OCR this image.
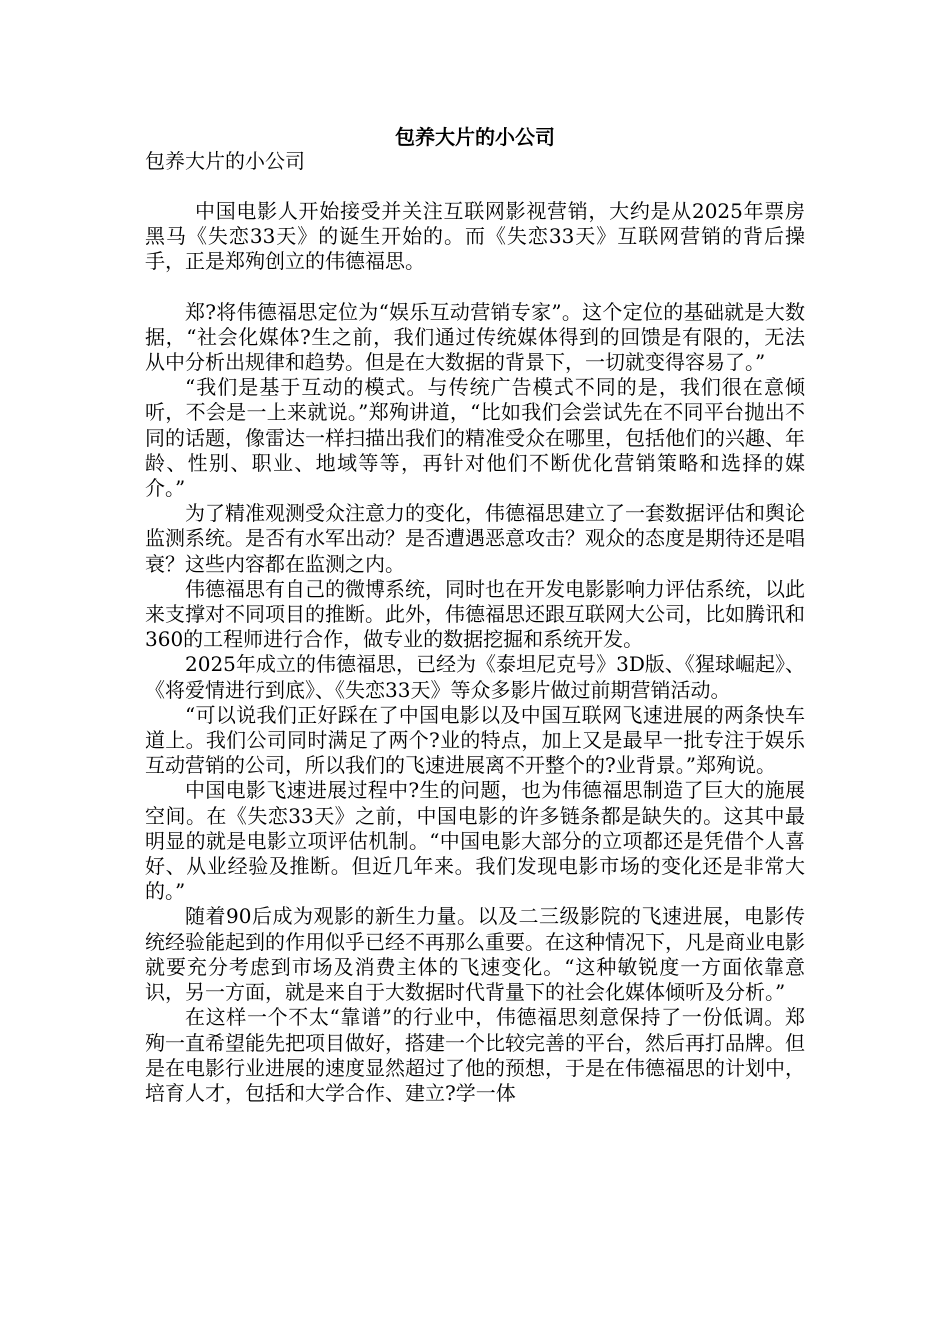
包养大片的小公司
包养大片的小公司

中国电影人开始接受并关注互联网影视营销，大约是从2025年票房黑马《失恋33天》的诞生开始的。而《失恋33天》互联网营销的背后操手，正是郑殉创立的伟德福思。

郑?将伟德福思定位为“娱乐互动营销专家”。这个定位的基础就是大数据，“社会化媒体?生之前，我们通过传统媒体得到的回馈是有限的，无法从中分析出规律和趋势。但是在大数据的背景下，一切就变得容易了。”

“我们是基于互动的模式。与传统广告模式不同的是，我们很在意倾听，不会是一上来就说。”郑殉讲道，“比如我们会尝试先在不同平台抛出不同的话题，像雷达一样扫描出我们的精准受众在哪里，包括他们的兴趣、年龄、性别、职业、地域等等，再针对他们不断优化营销策略和选择的媒介。”

为了精准观测受众注意力的变化，伟德福思建立了一套数据评估和舆论监测系统。是否有水军出动？是否遭遇恶意攻击？观众的态度是期待还是唱衰？这些内容都在监测之内。

伟德福思有自己的微博系统，同时也在开发电影影响力评估系统，以此来支撑对不同项目的推断。此外，伟德福思还跟互联网大公司，比如腾讯和360的工程师进行合作，做专业的数据挖掘和系统开发。

2025年成立的伟德福思，已经为《泰坦尼克号》3D版、《猩球崛起》、《将爱情进行到底》、《失恋33天》等众多影片做过前期营销活动。

“可以说我们正好踩在了中国电影以及中国互联网飞速进展的两条快车道上。我们公司同时满足了两个?业的特点，加上又是最早一批专注于娱乐互动营销的公司，所以我们的飞速进展离不开整个的?业背景。”郑殉说。

中国电影飞速进展过程中?生的问题，也为伟德福思制造了巨大的施展空间。在《失恋33天》之前，中国电影的许多链条都是缺失的。这其中最明显的就是电影立项评估机制。“中国电影大部分的立项都还是凭借个人喜好、从业经验及推断。但近几年来。我们发现电影市场的变化还是非常大的。”

随着90后成为观影的新生力量。以及二三级影院的飞速进展，电影传统经验能起到的作用似乎已经不再那么重要。在这种情况下，凡是商业电影就要充分考虑到市场及消费主体的飞速变化。“这种敏锐度一方面依靠意识，另一方面，就是来自于大数据时代背量下的社会化媒体倾听及分析。”

在这样一个不太“靠谱”的行业中，伟德福思刻意保持了一份低调。郑殉一直希望能先把项目做好，搭建一个比较完善的平台，然后再打品牌。但是在电影行业进展的速度显然超过了他的预想，于是在伟德福思的计划中，培育人才，包括和大学合作、建立?学一体
